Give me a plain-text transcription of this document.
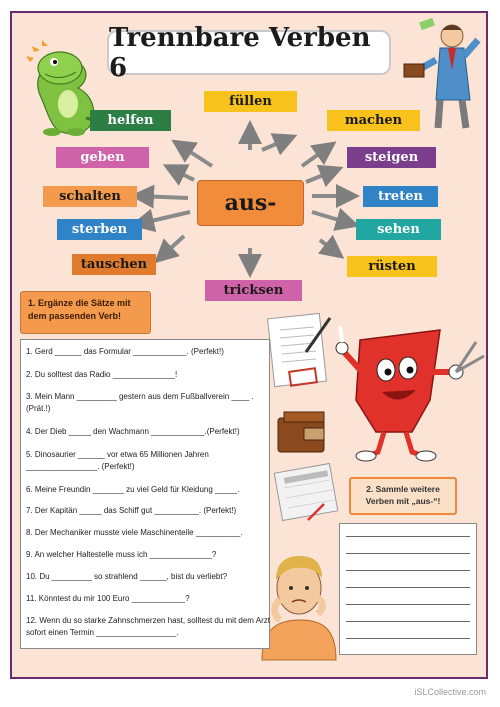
Trennbare Verben 6
füllen
helfen	machen
geben	steigen
schalten	treten
sterben	sehen
tauschen	rüsten
tricksen
aus-
1. Ergänze die Sätze mit
dem passenden Verb!
1. Gerd ______ das Formular ____________. (Perfekt!)
2. Du solltest das Radio ______________!
3. Mein Mann _________ gestern aus dem Fußballverein ____ . (Prät.!)
4. Der Dieb _____ den Wachmann ____________.(Perfekt!)
5. Dinosaurier ______ vor etwa 65 Millionen Jahren ________________. (Perfekt!)
6. Meine Freundin _______ zu viel Geld für Kleidung _____.
7. Der Kapitän _____ das Schiff gut __________. (Perfekt!)
8. Der Mechaniker musste viele Maschinenteile __________.
9. An welcher Haltestelle muss ich ______________?
10. Du _________ so strahlend ______, bist du verliebt?
11. Könntest du mir 100 Euro ____________?
12. Wenn du so starke Zahnschmerzen hast, solltest du mit dem Arzt sofort einen Termin __________________.
2. Sammle weitere
Verben mit „aus-“!
iSLCollective.com
